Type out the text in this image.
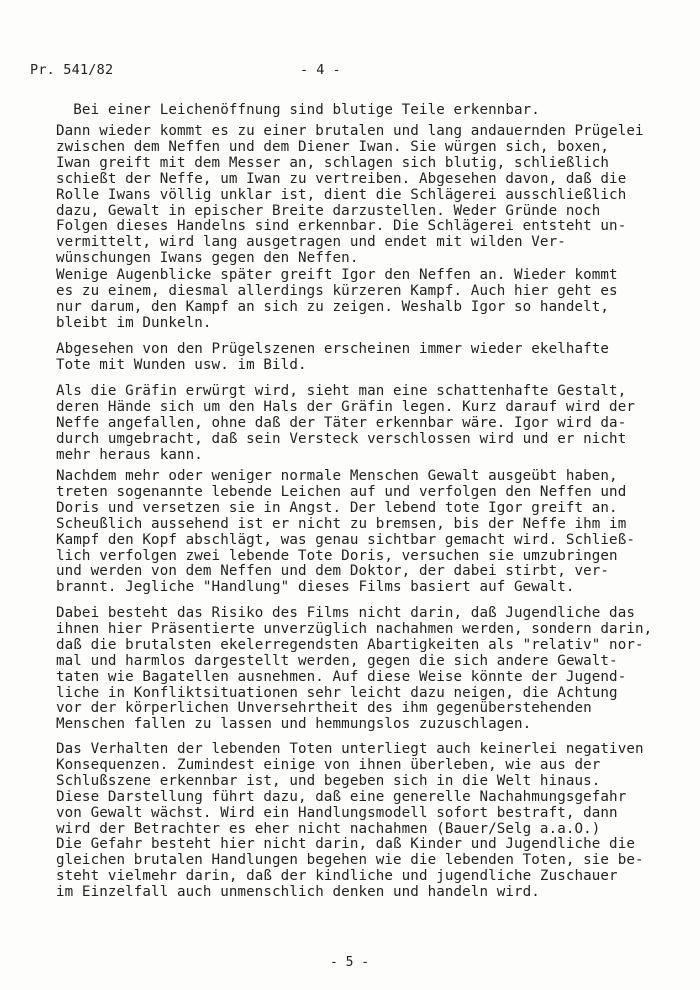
Pr. 541/82	- 4 -

Bei einer Leichenöffnung sind blutige Teile erkennbar.

Dann wieder kommt es zu einer brutalen und lang andauernden Prügelei
zwischen dem Neffen und dem Diener Iwan. Sie würgen sich, boxen,
Iwan greift mit dem Messer an, schlagen sich blutig, schließlich
schießt der Neffe, um Iwan zu vertreiben. Abgesehen davon, daß die
Rolle Iwans völlig unklar ist, dient die Schlägerei ausschließlich
dazu, Gewalt in epischer Breite darzustellen. Weder Gründe noch
Folgen dieses Handelns sind erkennbar. Die Schlägerei entsteht un-
vermittelt, wird lang ausgetragen und endet mit wilden Ver-
wünschungen Iwans gegen den Neffen.

Wenige Augenblicke später greift Igor den Neffen an. Wieder kommt
es zu einem, diesmal allerdings kürzeren Kampf. Auch hier geht es
nur darum, den Kampf an sich zu zeigen. Weshalb Igor so handelt,
bleibt im Dunkeln.

Abgesehen von den Prügelszenen erscheinen immer wieder ekelhafte
Tote mit Wunden usw. im Bild.

Als die Gräfin erwürgt wird, sieht man eine schattenhafte Gestalt,
deren Hände sich um den Hals der Gräfin legen. Kurz darauf wird der
Neffe angefallen, ohne daß der Täter erkennbar wäre. Igor wird da-
durch umgebracht, daß sein Versteck verschlossen wird und er nicht
mehr heraus kann.

Nachdem mehr oder weniger normale Menschen Gewalt ausgeübt haben,
treten sogenannte lebende Leichen auf und verfolgen den Neffen und
Doris und versetzen sie in Angst. Der lebend tote Igor greift an.
Scheußlich aussehend ist er nicht zu bremsen, bis der Neffe ihm im
Kampf den Kopf abschlägt, was genau sichtbar gemacht wird. Schließ-
lich verfolgen zwei lebende Tote Doris, versuchen sie umzubringen
und werden von dem Neffen und dem Doktor, der dabei stirbt, ver-
brannt. Jegliche "Handlung" dieses Films basiert auf Gewalt.

Dabei besteht das Risiko des Films nicht darin, daß Jugendliche das
ihnen hier Präsentierte unverzüglich nachahmen werden, sondern darin,
daß die brutalsten ekelerregendsten Abartigkeiten als "relativ" nor-
mal und harmlos dargestellt werden, gegen die sich andere Gewalt-
taten wie Bagatellen ausnehmen. Auf diese Weise könnte der Jugend-
liche in Konfliktsituationen sehr leicht dazu neigen, die Achtung
vor der körperlichen Unversehrtheit des ihm gegenüberstehenden
Menschen fallen zu lassen und hemmungslos zuzuschlagen.

Das Verhalten der lebenden Toten unterliegt auch keinerlei negativen
Konsequenzen. Zumindest einige von ihnen überleben, wie aus der
Schlußszene erkennbar ist, und begeben sich in die Welt hinaus.
Diese Darstellung führt dazu, daß eine generelle Nachahmungsgefahr
von Gewalt wächst. Wird ein Handlungsmodell sofort bestraft, dann
wird der Betrachter es eher nicht nachahmen (Bauer/Selg a.a.O.)
Die Gefahr besteht hier nicht darin, daß Kinder und Jugendliche die
gleichen brutalen Handlungen begehen wie die lebenden Toten, sie be-
steht vielmehr darin, daß der kindliche und jugendliche Zuschauer
im Einzelfall auch unmenschlich denken und handeln wird.

- 5 -
